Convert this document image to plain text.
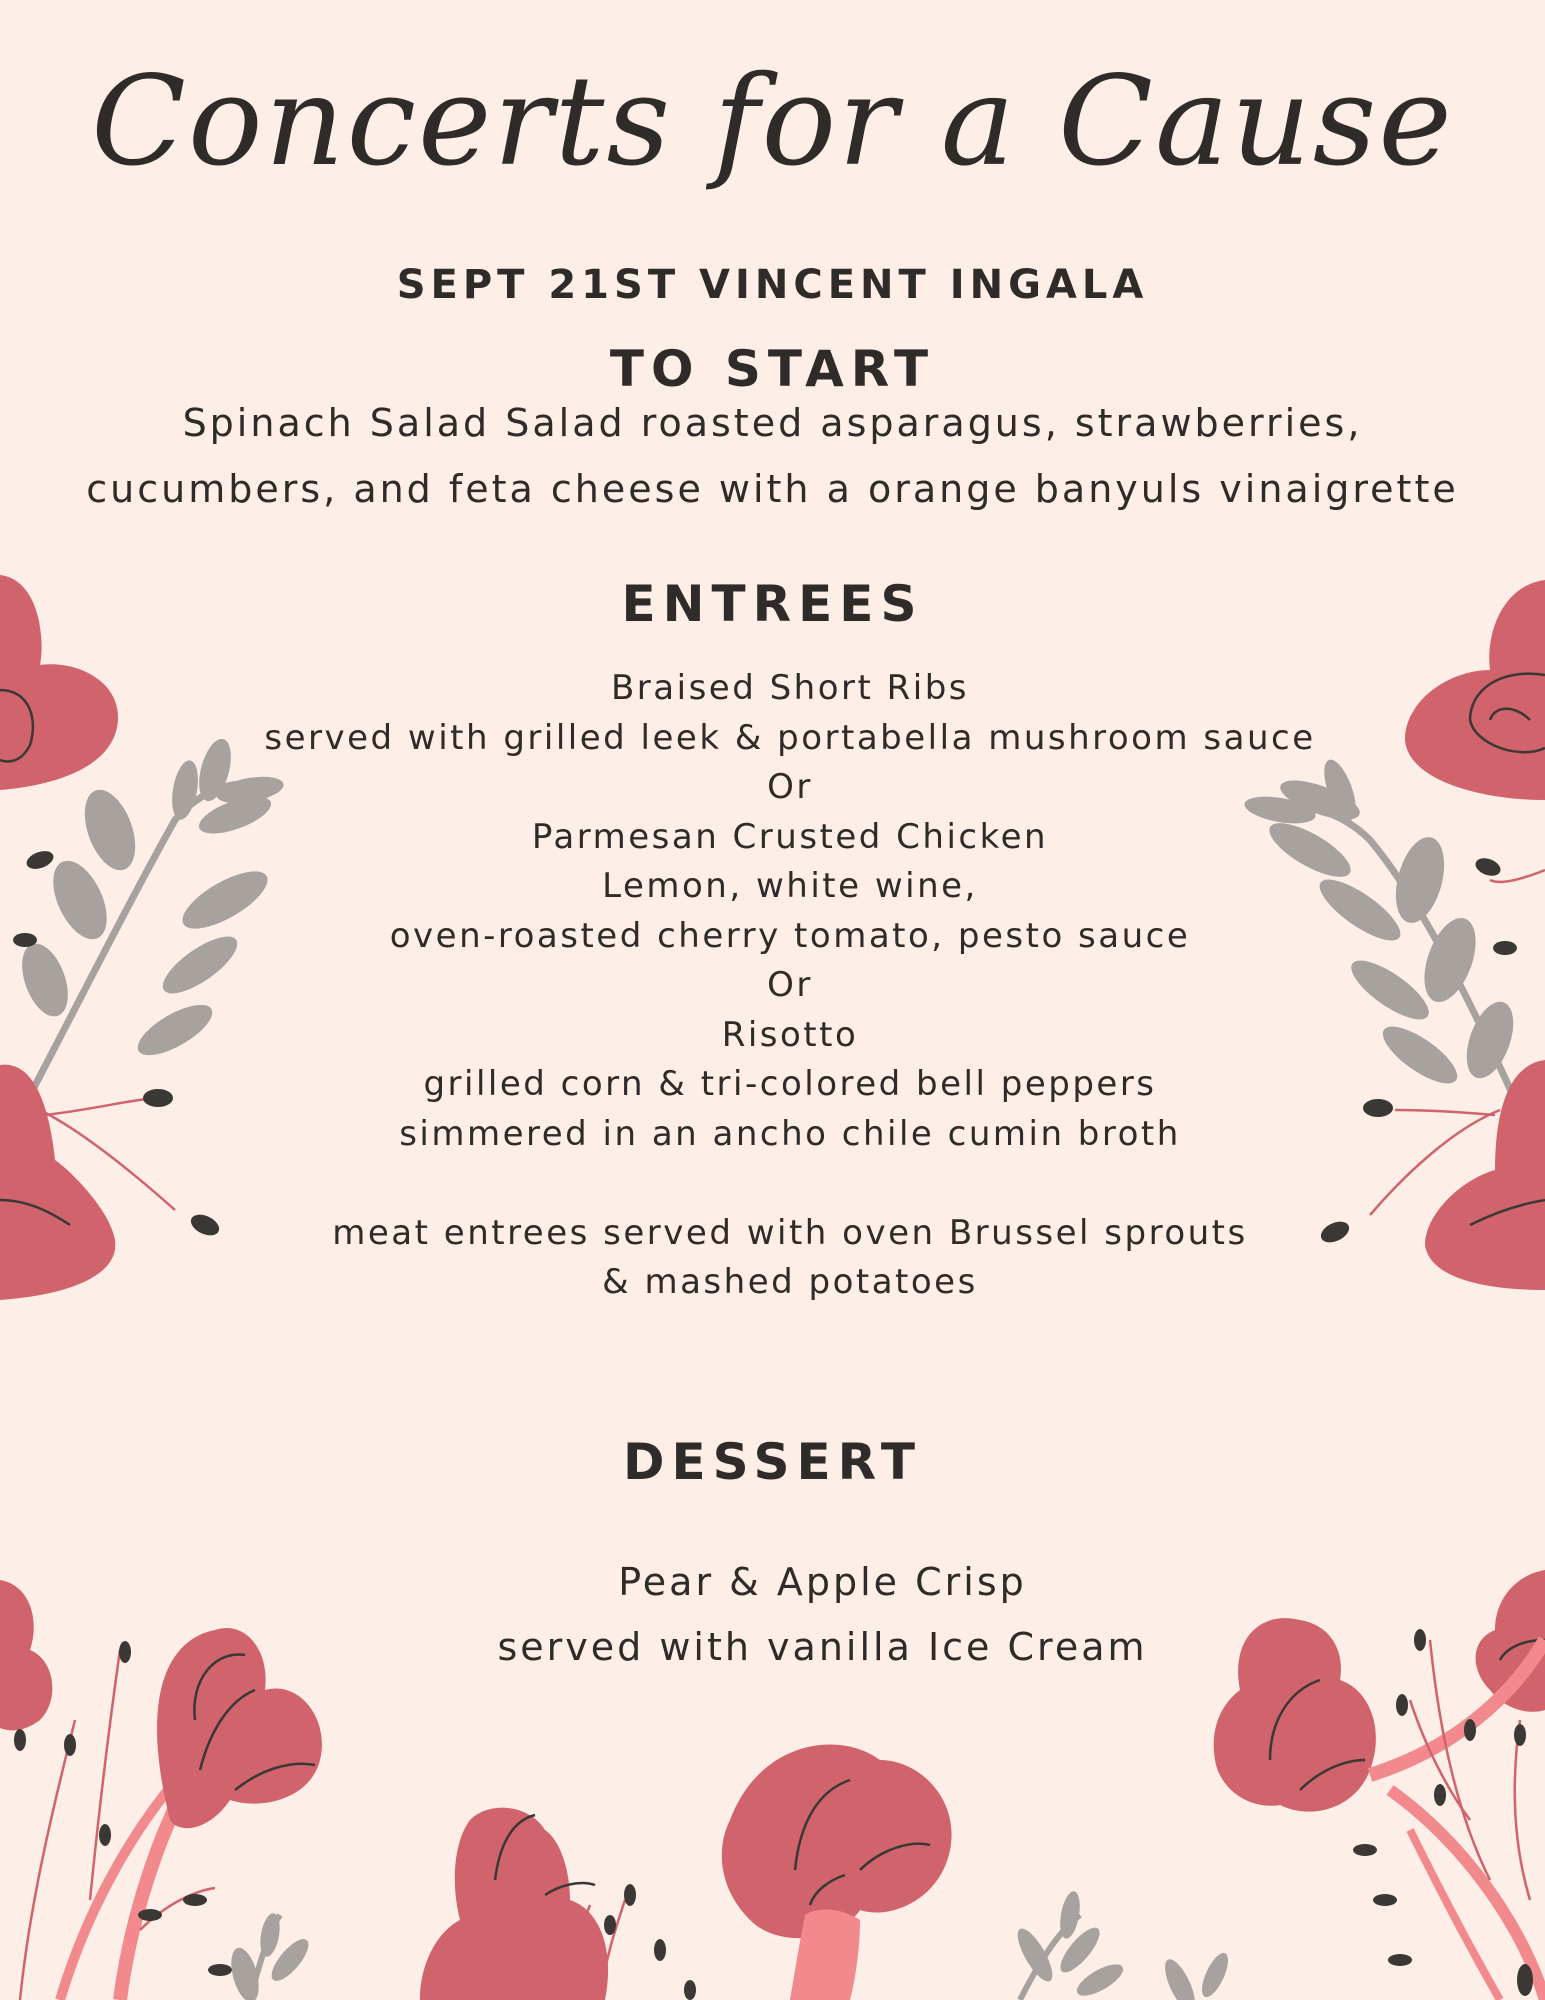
Concerts for a Cause
SEPT 21ST VINCENT INGALA
TO START
Spinach Salad Salad roasted asparagus, strawberries,
cucumbers, and feta cheese with a orange banyuls vinaigrette
ENTREES
Braised Short Ribs
served with grilled leek & portabella mushroom sauce
Or
Parmesan Crusted Chicken
Lemon, white wine,
oven-roasted cherry tomato, pesto sauce
Or
Risotto
grilled corn & tri-colored bell peppers
simmered in an ancho chile cumin broth
meat entrees served with oven Brussel sprouts
& mashed potatoes
DESSERT
Pear & Apple Crisp
served with vanilla Ice Cream
